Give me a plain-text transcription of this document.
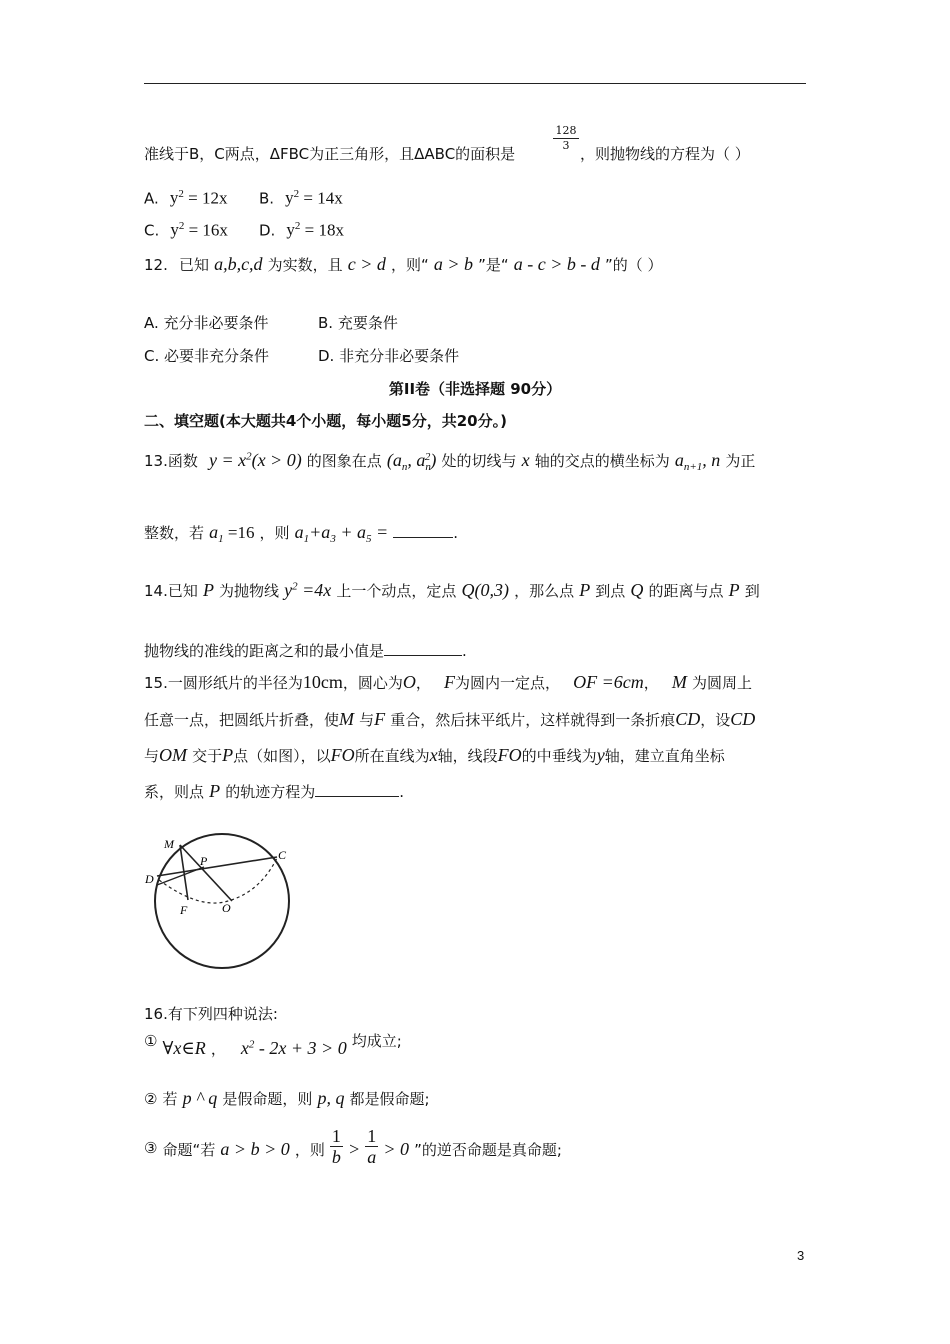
准线于B，C两点，ΔFBC为正三角形，且ΔABC的面积是
$\frac{128}{3}$
，则抛物线的方程为（ ）
A. $y^2 = 12x$ B. $y^2 = 14x$
C. $y^2 = 16x$ D. $y^2 = 18x$
12. 已知 a,b,c,d 为实数，且 c > d ，则“ a > b ”是“ a - c > b - d ”的（ ）
A. 充分非必要条件	B. 充要条件
C. 必要非充分条件	D. 非充分非必要条件
第II卷（非选择题 90分）
二、填空题(本大题共4个小题，每小题5分，共20分。)
13.函数 $y = x^2(x > 0)$ 的图象在点 ($a_n$, $a_n^2$) 处的切线与 x 轴的交点的横坐标为 $a_{n+1}$, n 为正
整数，若 $a_1 =16$ ，则 $a_1+a_3 + a_5$ =	.
14.已知 P 为抛物线 $y^2 =4x$ 上一个动点，定点 Q(0,3) ，那么点 P 到点 Q 的距离与点 P 到
抛物线的准线的距离之和的最小值是	.
15.一圆形纸片的半径为10cm，圆心为O， F为圆内一定点， OF =6cm， M 为圆周上
任意一点，把圆纸片折叠，使M 与F 重合，然后抹平纸片，这样就得到一条折痕CD，设CD
与OM 交于P点（如图），以FO所在直线为x轴，线段FO的中垂线为y轴，建立直角坐标
系，则点 P 的轨迹方程为	.
M
P	C
D
F	O
16.有下列四种说法:
① ∀x∈R ， $x^2 - 2x + 3 > 0$ 均成立;
② 若 p ^ q 是假命题，则 p, q 都是假命题;
③ 命题“若 a > b > 0 ，则 $\frac{1}{b} > \frac{1}{a} > 0$ ”的逆否命题是真命题;
3
